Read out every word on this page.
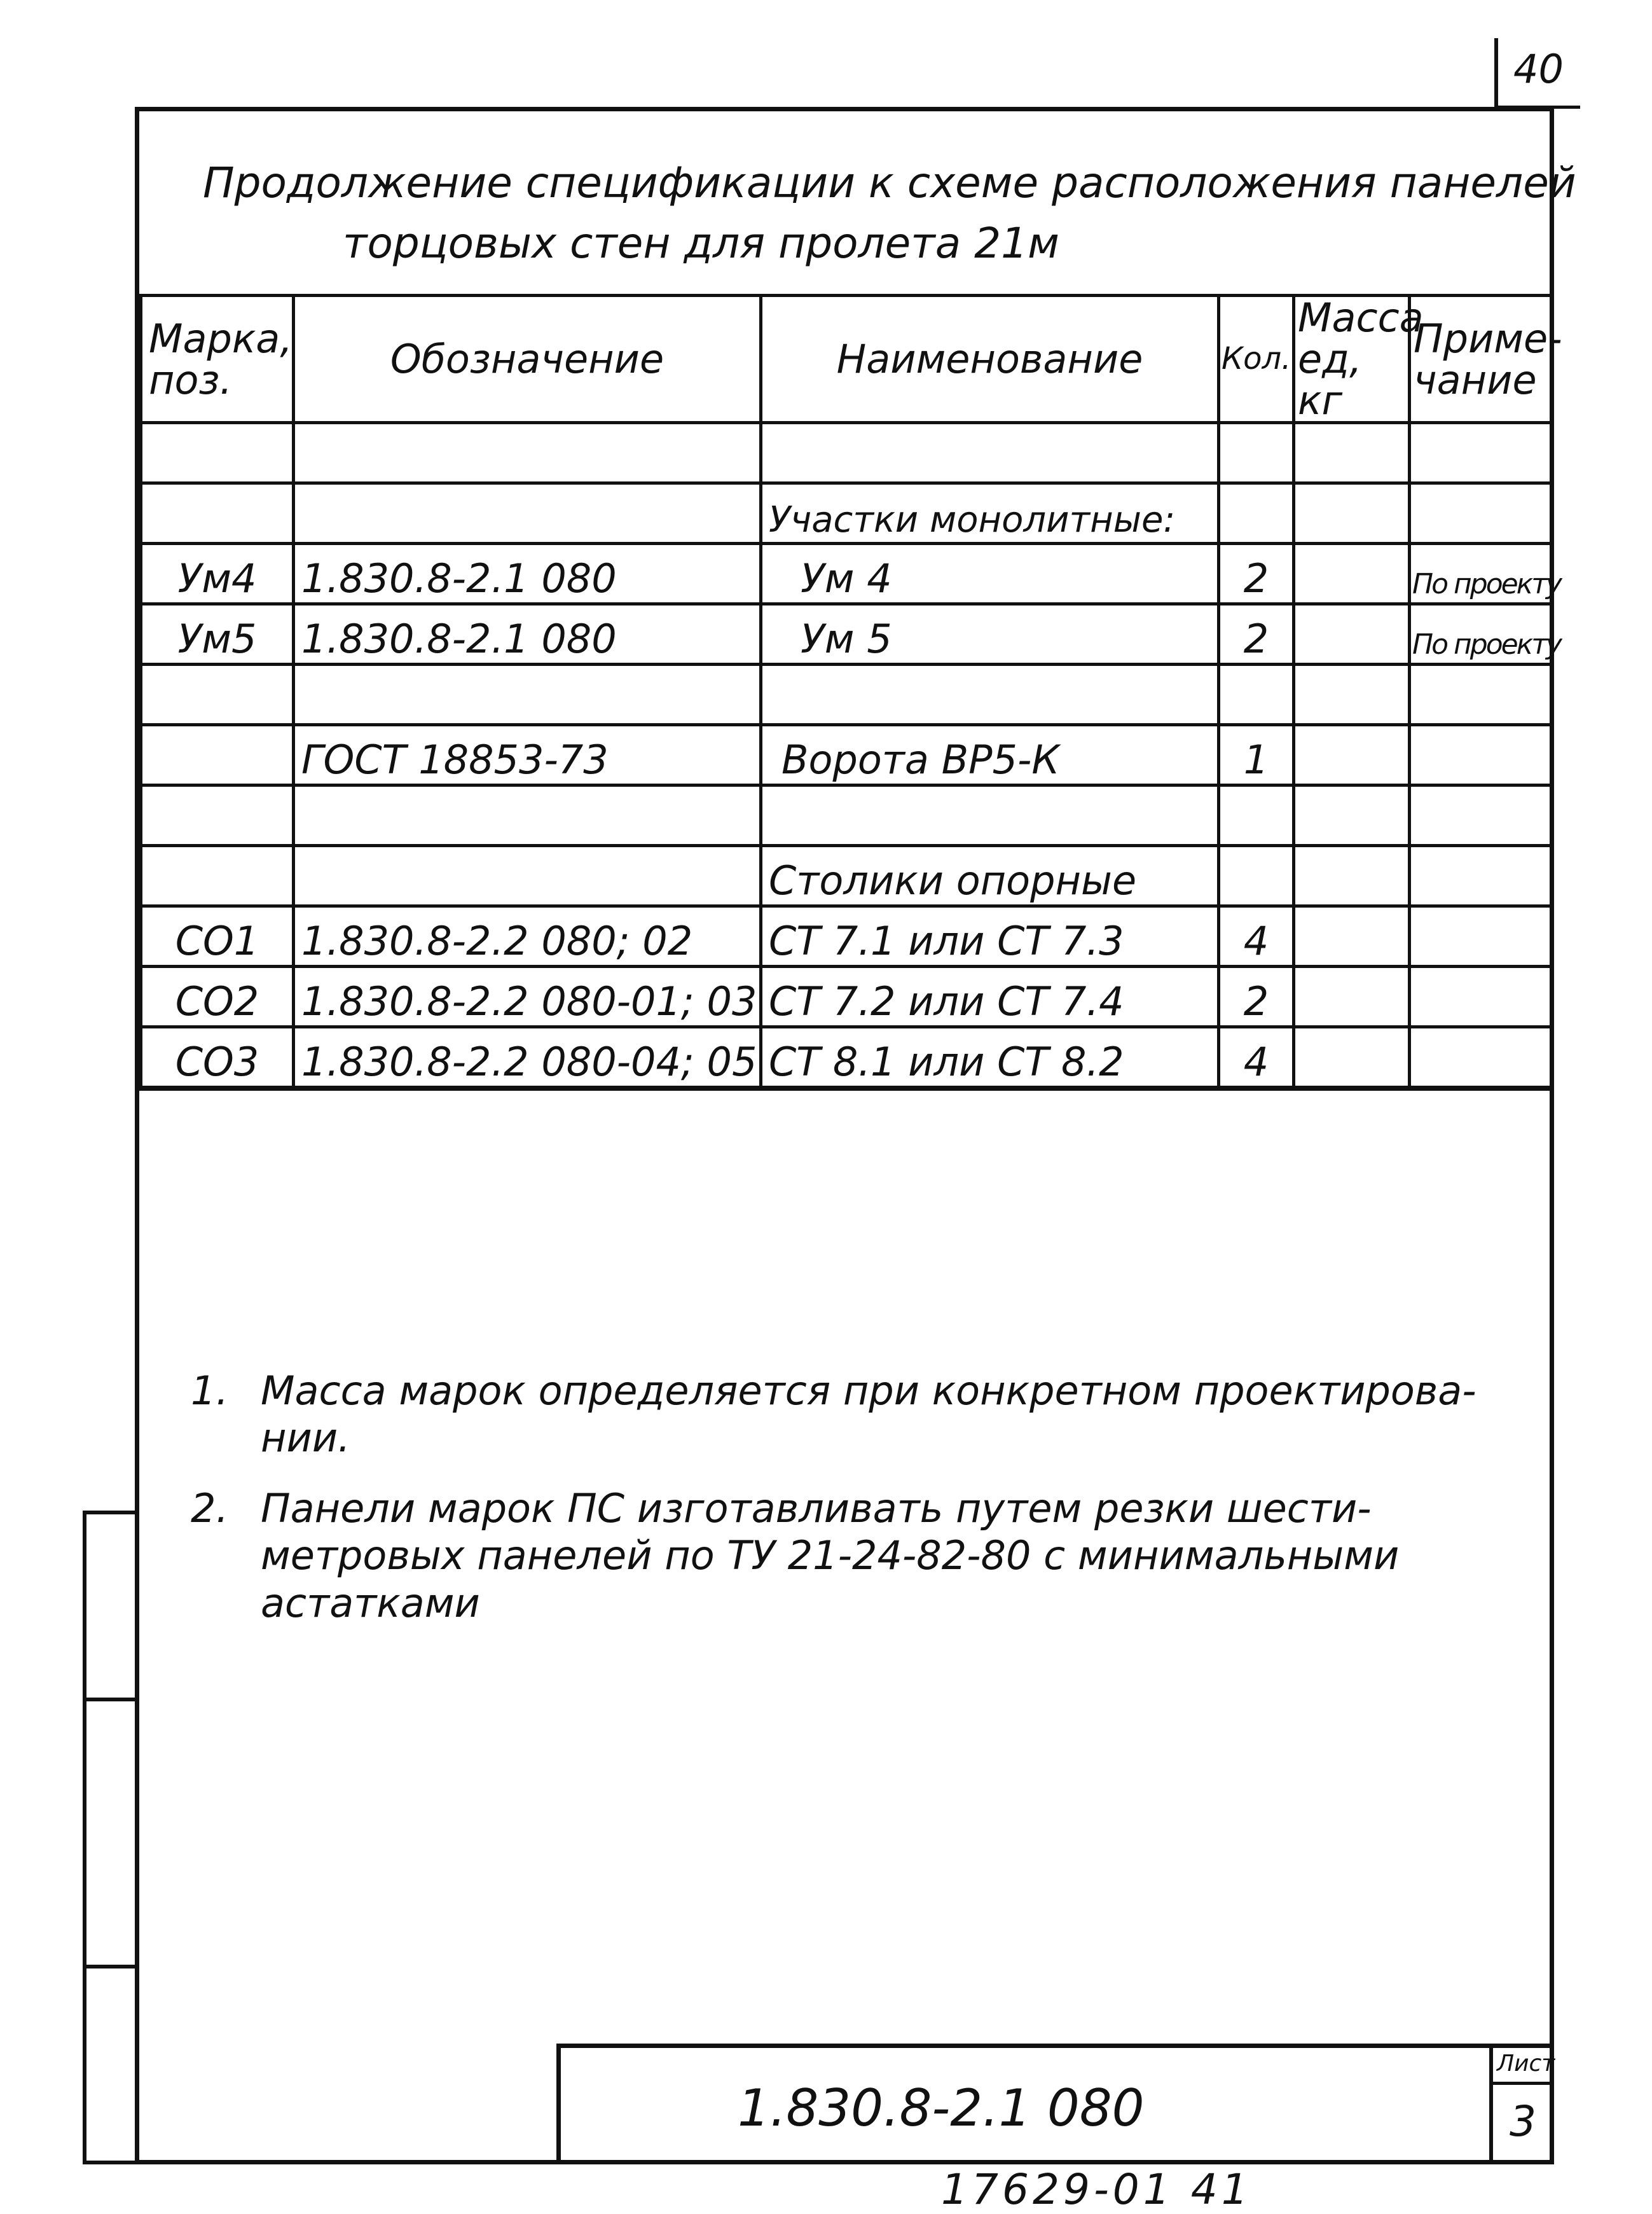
40
Продолжение спецификации к схеме расположения панелей
торцовых стен для пролета 21м
Марка, поз.	Обозначение	Наименование	Кол.	Масса ед, кг	Приме- чание

		Участки монолитные:			
Ум4	1.830.8-2.1 080	Ум 4	2		По проекту
Ум5	1.830.8-2.1 080	Ум 5	2		По проекту

	ГОСТ 18853-73	Ворота ВР5-К	1		

		Столики опорные			
СО1	1.830.8-2.2 080; 02	СТ 7.1 или СТ 7.3	4		
СО2	1.830.8-2.2 080-01; 03	СТ 7.2 или СТ 7.4	2		
СО3	1.830.8-2.2 080-04; 05	СТ 8.1 или СТ 8.2	4		
1. Масса марок определяется при конкретном проектирова- нии.
2. Панели марок ПС изготавливать путем резки шести- метровых панелей по ТУ 21-24-82-80 с минимальными астатками
1.830.8-2.1 080
Лист
3
17629-01 41
